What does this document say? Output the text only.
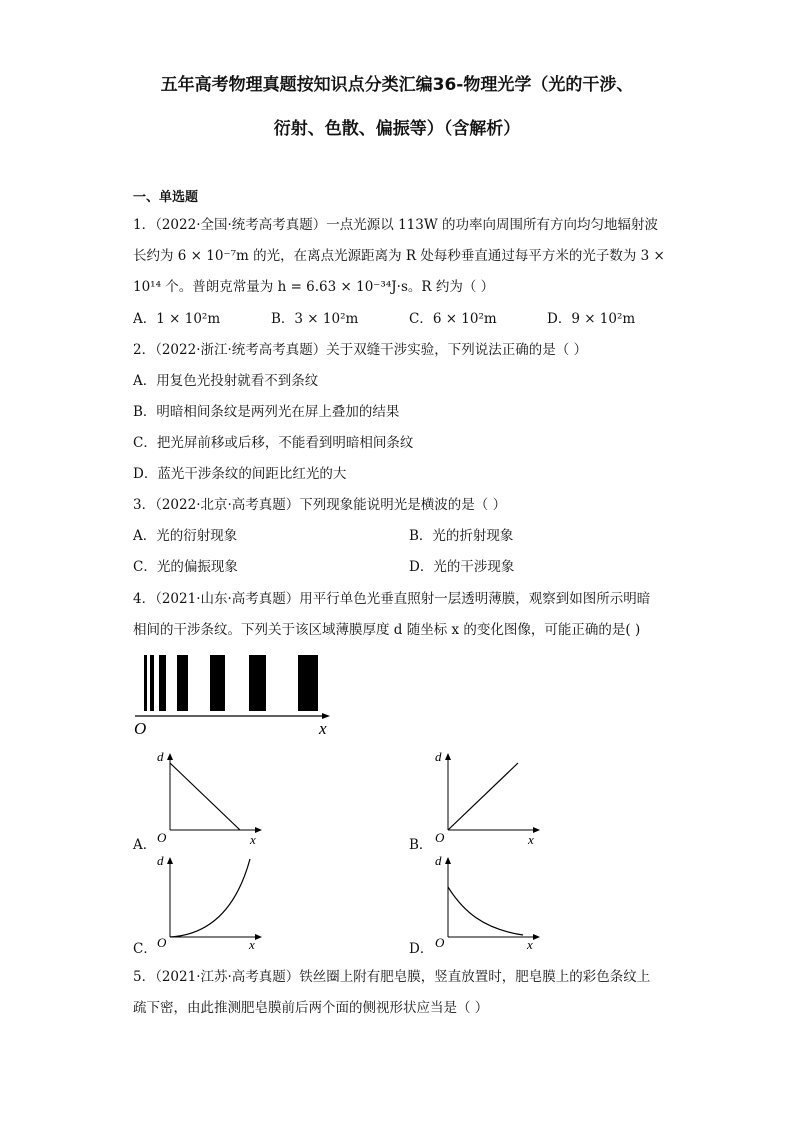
五年高考物理真题按知识点分类汇编36-物理光学（光的干涉、
衍射、色散、偏振等）（含解析）
一、单选题
1．（2022·全国·统考高考真题）一点光源以 113W 的功率向周围所有方向均匀地辐射波
长约为 6 × 10⁻⁷m 的光，在离点光源距离为 R 处每秒垂直通过每平方米的光子数为 3 ×
10¹⁴ 个。普朗克常量为 h = 6.63 × 10⁻³⁴J·s。R 约为（ ）
A．1 × 10²m	B．3 × 10²m	C．6 × 10²m	D．9 × 10²m
2．（2022·浙江·统考高考真题）关于双缝干涉实验，下列说法正确的是（ ）
A．用复色光投射就看不到条纹
B．明暗相间条纹是两列光在屏上叠加的结果
C．把光屏前移或后移，不能看到明暗相间条纹
D．蓝光干涉条纹的间距比红光的大
3．（2022·北京·高考真题）下列现象能说明光是横波的是（ ）
A．光的衍射现象	B．光的折射现象
C．光的偏振现象	D．光的干涉现象
4．（2021·山东·高考真题）用平行单色光垂直照射一层透明薄膜，观察到如图所示明暗
相间的干涉条纹。下列关于该区域薄膜厚度 d 随坐标 x 的变化图像，可能正确的是( )
O	x
A．
d
O	x	B．
d
O	x
C．
d
O	x	D．
d
O	x
5．（2021·江苏·高考真题）铁丝圈上附有肥皂膜，竖直放置时，肥皂膜上的彩色条纹上
疏下密，由此推测肥皂膜前后两个面的侧视形状应当是（ ）
